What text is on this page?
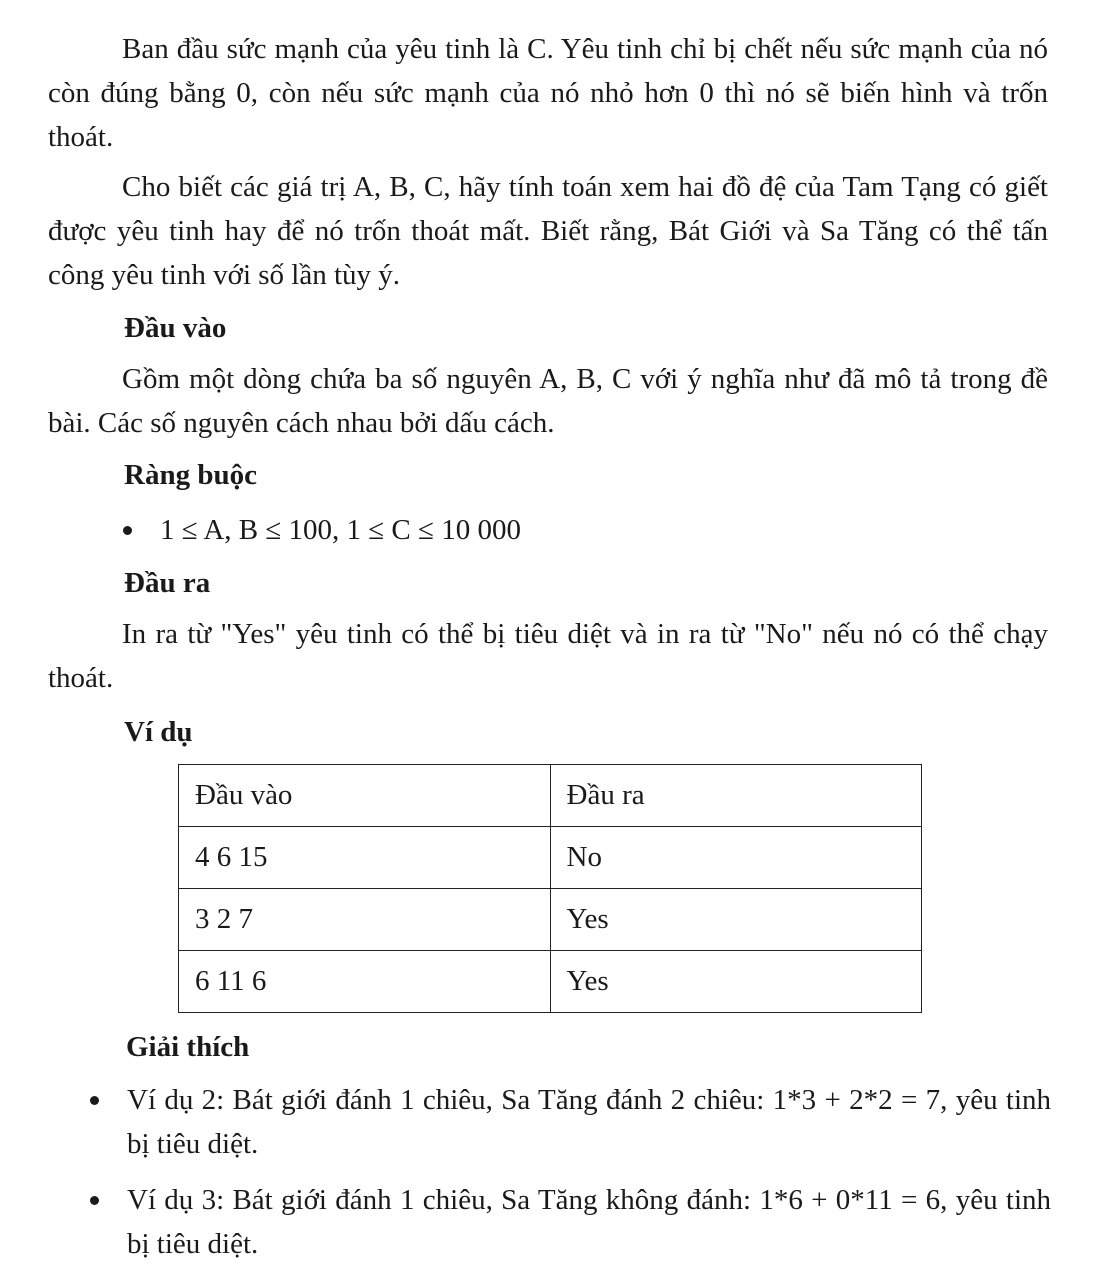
Ban đầu sức mạnh của yêu tinh là C. Yêu tinh chỉ bị chết nếu sức mạnh của nó còn đúng bằng 0, còn nếu sức mạnh của nó nhỏ hơn 0 thì nó sẽ biến hình và trốn thoát.

Cho biết các giá trị A, B, C, hãy tính toán xem hai đồ đệ của Tam Tạng có giết được yêu tinh hay để nó trốn thoát mất. Biết rằng, Bát Giới và Sa Tăng có thể tấn công yêu tinh với số lần tùy ý.

Đầu vào

Gồm một dòng chứa ba số nguyên A, B, C với ý nghĩa như đã mô tả trong đề bài. Các số nguyên cách nhau bởi dấu cách.

Ràng buộc
1 ≤ A, B ≤ 100, 1 ≤ C ≤ 10 000
Đầu ra

In ra từ "Yes" yêu tinh có thể bị tiêu diệt và in ra từ "No" nếu nó có thể chạy thoát.

Ví dụ
Đầu vào	Đầu ra
4 6 15	No
3 2 7	Yes
6 11 6	Yes
Giải thích
Ví dụ 2: Bát giới đánh 1 chiêu, Sa Tăng đánh 2 chiêu: 1*3 + 2*2 = 7, yêu tinh bị tiêu diệt.
Ví dụ 3: Bát giới đánh 1 chiêu, Sa Tăng không đánh: 1*6 + 0*11 = 6, yêu tinh bị tiêu diệt.
